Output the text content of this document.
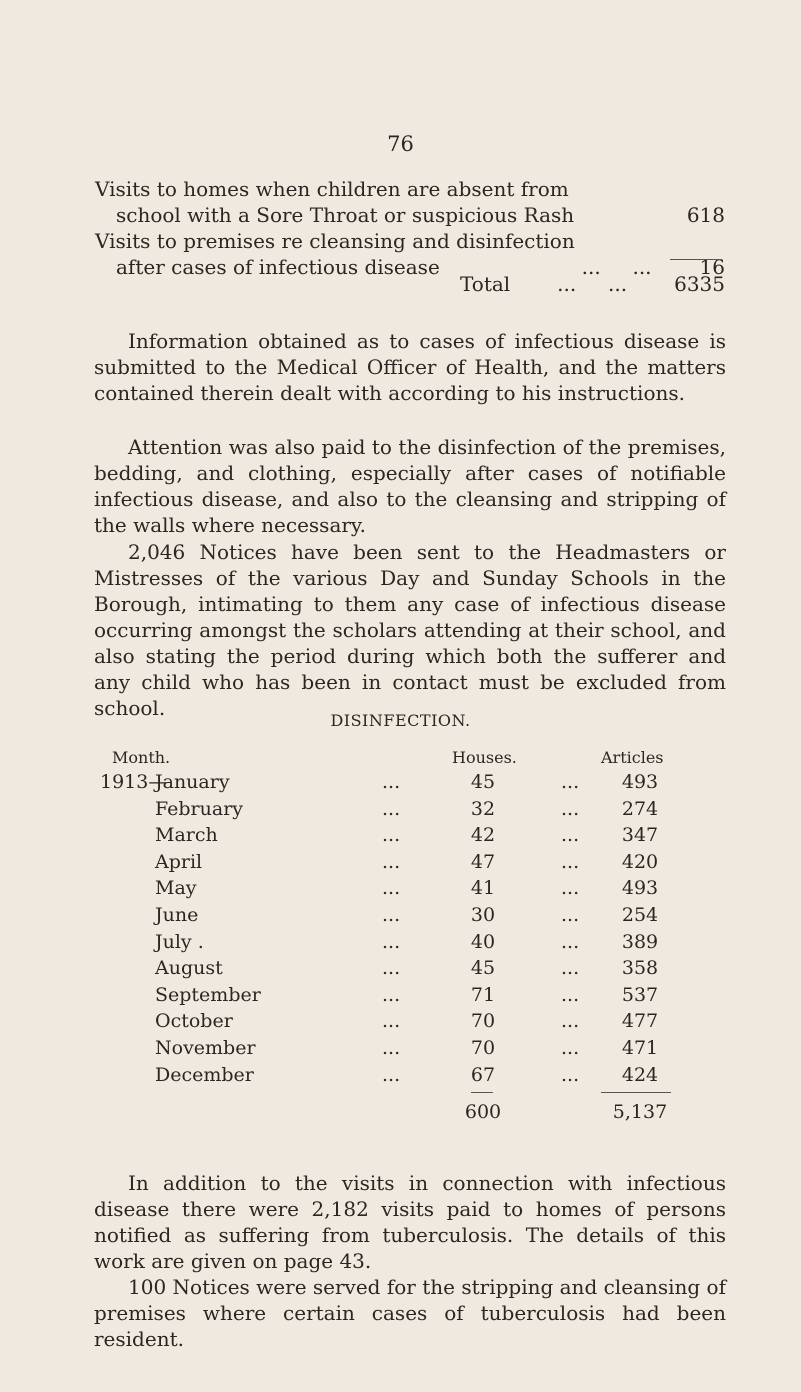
76
Visits to homes when children are absent from
school with a Sore Throat or suspicious Rash	618
Visits to premises re cleansing and disinfection
after cases of infectious disease	...     ... 16
Total ...     ... 6335

Information obtained as to cases of infectious disease is submitted to the Medical Officer of Health, and the matters contained therein dealt with according to his instructions.

Attention was also paid to the disinfection of the premises, bedding, and clothing, especially after cases of notifiable infectious disease, and also to the cleansing and stripping of the walls where necessary.

2,046 Notices have been sent to the Headmasters or Mistresses of the various Day and Sunday Schools in the Borough, intimating to them any case of infectious disease occurring amongst the scholars attending at their school, and also stating the period during which both the sufferer and any child who has been in contact must be excluded from school.

DISINFECTION.
Month.	Houses.	Articles
1913—
January	...	45	...	493
February	...	32	...	274
March	...	42	...	347
April	...	47	...	420
May	...	41	...	493
June	...	30	...	254
July .	...	40	...	389
August	...	45	...	358
September	...	71	...	537
October	...	70	...	477
November	...	70	...	471
December	...	67	...	424
600	5,137

In addition to the visits in connection with infectious disease there were 2,182 visits paid to homes of persons notified as suffering from tuberculosis. The details of this work are given on page 43.

100 Notices were served for the stripping and cleansing of premises where certain cases of tuberculosis had been resident.
